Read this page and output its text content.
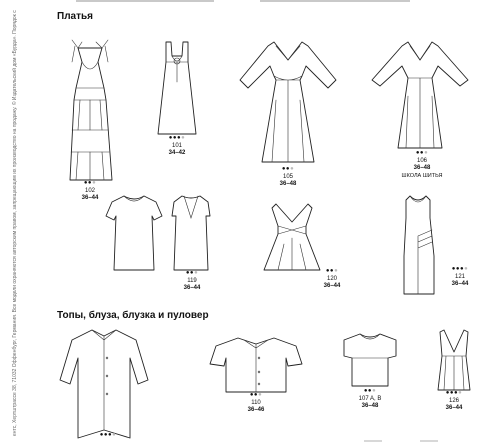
ентс, Хертштрассе 38, 71032 Оффенбург, Германия. Все модели охраняются авторским правом, запрещающим их производство на продажу. © Издательский дом «Бурда». Порядок с	Платья
Топы, блуза, блузка и пуловер
●●●
102
36–44
●●●●
101
34–42
●●●
105
36–48
●●●
106
36–48
ШКОЛА ШИТЬЯ
●●●
119
36–44
●●●
120
36–44
●●●●
121
36–44
●●●●
●●●
110
36–46
●●●
107 A, B
36–48
●●●●
126
36–44
